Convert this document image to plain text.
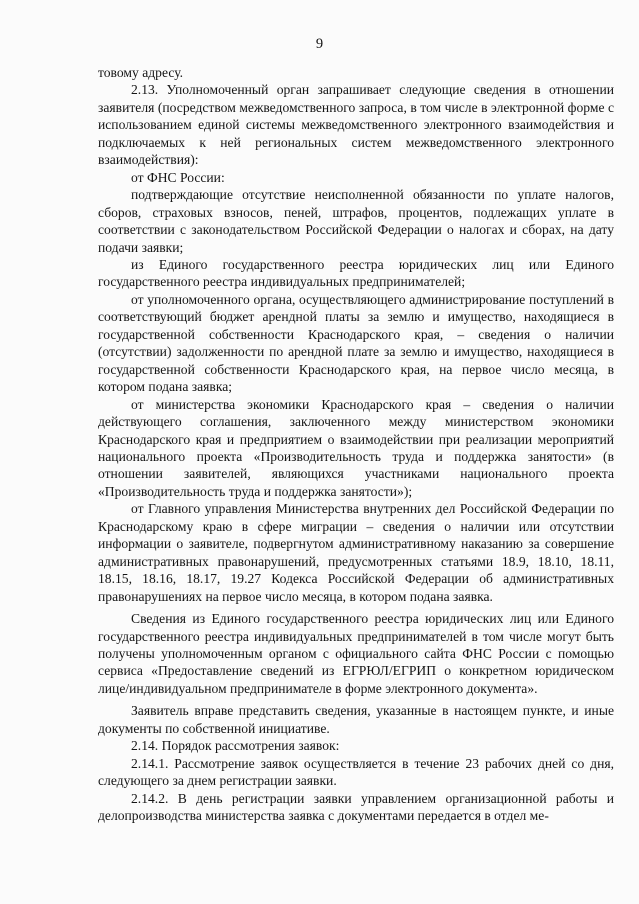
9

товому адресу.

2.13. Уполномоченный орган запрашивает следующие сведения в отношении заявителя (посредством межведомственного запроса, в том числе в электронной форме с использованием единой системы межведомственного электронного взаимодействия и подключаемых к ней региональных систем межведомственного электронного взаимодействия):

от ФНС России:

подтверждающие отсутствие неисполненной обязанности по уплате налогов, сборов, страховых взносов, пеней, штрафов, процентов, подлежащих уплате в соответствии с законодательством Российской Федерации о налогах и сборах, на дату подачи заявки;

из Единого государственного реестра юридических лиц или Единого государственного реестра индивидуальных предпринимателей;

от уполномоченного органа, осуществляющего администрирование поступлений в соответствующий бюджет арендной платы за землю и имущество, находящиеся в государственной собственности Краснодарского края, – сведения о наличии (отсутствии) задолженности по арендной плате за землю и имущество, находящиеся в государственной собственности Краснодарского края, на первое число месяца, в котором подана заявка;

от министерства экономики Краснодарского края – сведения о наличии действующего соглашения, заключенного между министерством экономики Краснодарского края и предприятием о взаимодействии при реализации мероприятий национального проекта «Производительность труда и поддержка занятости» (в отношении заявителей, являющихся участниками национального проекта «Производительность труда и поддержка занятости»);

от Главного управления Министерства внутренних дел Российской Федерации по Краснодарскому краю в сфере миграции – сведения о наличии или отсутствии информации о заявителе, подвергнутом административному наказанию за совершение административных правонарушений, предусмотренных статьями 18.9, 18.10, 18.11, 18.15, 18.16, 18.17, 19.27 Кодекса Российской Федерации об административных правонарушениях на первое число месяца, в котором подана заявка.

Сведения из Единого государственного реестра юридических лиц или Единого государственного реестра индивидуальных предпринимателей в том числе могут быть получены уполномоченным органом с официального сайта ФНС России с помощью сервиса «Предоставление сведений из ЕГРЮЛ/ЕГРИП о конкретном юридическом лице/индивидуальном предпринимателе в форме электронного документа».

Заявитель вправе представить сведения, указанные в настоящем пункте, и иные документы по собственной инициативе.

2.14. Порядок рассмотрения заявок:

2.14.1. Рассмотрение заявок осуществляется в течение 23 рабочих дней со дня, следующего за днем регистрации заявки.

2.14.2. В день регистрации заявки управлением организационной работы и делопроизводства министерства заявка с документами передается в отдел ме-
